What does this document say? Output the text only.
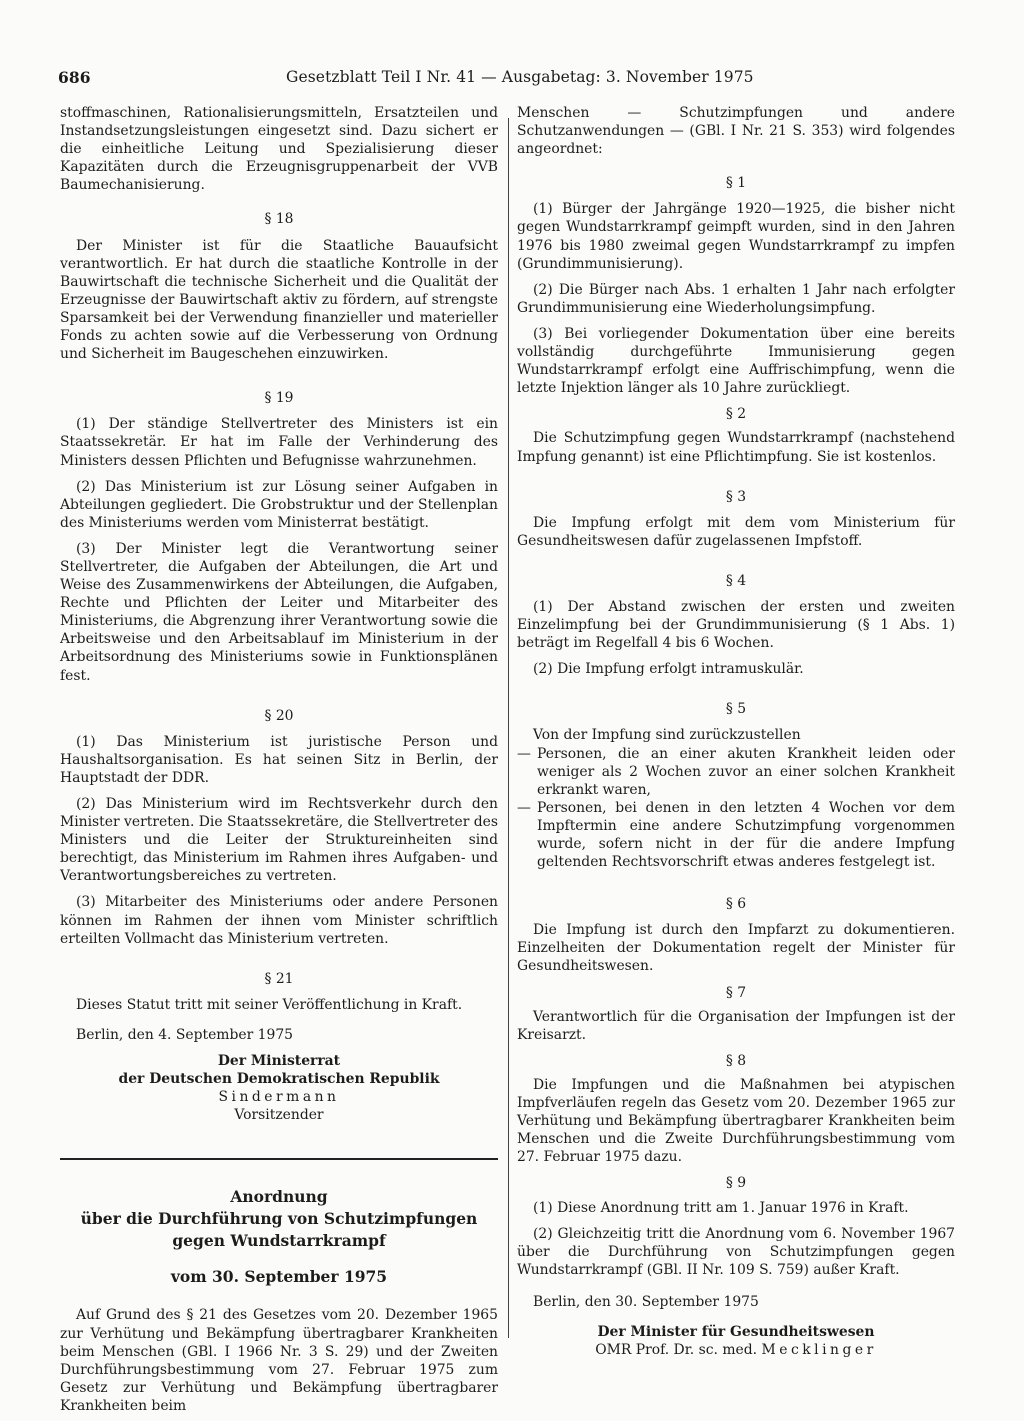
686	Gesetzblatt Teil I Nr. 41 — Ausgabetag: 3. November 1975

stoffmaschinen, Rationalisierungsmitteln, Ersatzteilen und Instandsetzungsleistungen eingesetzt sind. Dazu sichert er die einheitliche Leitung und Spezialisierung dieser Kapazitäten durch die Erzeugnisgruppenarbeit der VVB Baumechanisierung.

§ 18

Der Minister ist für die Staatliche Bauaufsicht verantwortlich. Er hat durch die staatliche Kontrolle in der Bauwirtschaft die technische Sicherheit und die Qualität der Erzeugnisse der Bauwirtschaft aktiv zu fördern, auf strengste Sparsamkeit bei der Verwendung finanzieller und materieller Fonds zu achten sowie auf die Verbesserung von Ordnung und Sicherheit im Baugeschehen einzuwirken.

§ 19

(1) Der ständige Stellvertreter des Ministers ist ein Staatssekretär. Er hat im Falle der Verhinderung des Ministers dessen Pflichten und Befugnisse wahrzunehmen.

(2) Das Ministerium ist zur Lösung seiner Aufgaben in Abteilungen gegliedert. Die Grobstruktur und der Stellenplan des Ministeriums werden vom Ministerrat bestätigt.

(3) Der Minister legt die Verantwortung seiner Stellvertreter, die Aufgaben der Abteilungen, die Art und Weise des Zusammenwirkens der Abteilungen, die Aufgaben, Rechte und Pflichten der Leiter und Mitarbeiter des Ministeriums, die Abgrenzung ihrer Verantwortung sowie die Arbeitsweise und den Arbeitsablauf im Ministerium in der Arbeitsordnung des Ministeriums sowie in Funktionsplänen fest.

§ 20

(1) Das Ministerium ist juristische Person und Haushaltsorganisation. Es hat seinen Sitz in Berlin, der Hauptstadt der DDR.

(2) Das Ministerium wird im Rechtsverkehr durch den Minister vertreten. Die Staatssekretäre, die Stellvertreter des Ministers und die Leiter der Struktureinheiten sind berechtigt, das Ministerium im Rahmen ihres Aufgaben- und Verantwortungsbereiches zu vertreten.

(3) Mitarbeiter des Ministeriums oder andere Personen können im Rahmen der ihnen vom Minister schriftlich erteilten Vollmacht das Ministerium vertreten.

§ 21

Dieses Statut tritt mit seiner Veröffentlichung in Kraft.

Berlin, den 4. September 1975

Der Ministerrat
der Deutschen Demokratischen Republik
Sindermann
Vorsitzender
Anordnung
über die Durchführung von Schutzimpfungen
gegen Wundstarrkrampf
vom 30. September 1975

Auf Grund des § 21 des Gesetzes vom 20. Dezember 1965 zur Verhütung und Bekämpfung übertragbarer Krankheiten beim Menschen (GBl. I 1966 Nr. 3 S. 29) und der Zweiten Durchführungsbestimmung vom 27. Februar 1975 zum Gesetz zur Verhütung und Bekämpfung übertragbarer Krankheiten beim

Menschen — Schutzimpfungen und andere Schutzanwendungen — (GBl. I Nr. 21 S. 353) wird folgendes angeordnet:

§ 1

(1) Bürger der Jahrgänge 1920—1925, die bisher nicht gegen Wundstarrkrampf geimpft wurden, sind in den Jahren 1976 bis 1980 zweimal gegen Wundstarrkrampf zu impfen (Grundimmunisierung).

(2) Die Bürger nach Abs. 1 erhalten 1 Jahr nach erfolgter Grundimmunisierung eine Wiederholungsimpfung.

(3) Bei vorliegender Dokumentation über eine bereits vollständig durchgeführte Immunisierung gegen Wundstarrkrampf erfolgt eine Auffrischimpfung, wenn die letzte Injektion länger als 10 Jahre zurückliegt.

§ 2

Die Schutzimpfung gegen Wundstarrkrampf (nachstehend Impfung genannt) ist eine Pflichtimpfung. Sie ist kostenlos.

§ 3

Die Impfung erfolgt mit dem vom Ministerium für Gesundheitswesen dafür zugelassenen Impfstoff.

§ 4

(1) Der Abstand zwischen der ersten und zweiten Einzelimpfung bei der Grundimmunisierung (§ 1 Abs. 1) beträgt im Regelfall 4 bis 6 Wochen.

(2) Die Impfung erfolgt intramuskulär.

§ 5

Von der Impfung sind zurückzustellen

— Personen, die an einer akuten Krankheit leiden oder weniger als 2 Wochen zuvor an einer solchen Krankheit erkrankt waren,

— Personen, bei denen in den letzten 4 Wochen vor dem Impftermin eine andere Schutzimpfung vorgenommen wurde, sofern nicht in der für die andere Impfung geltenden Rechtsvorschrift etwas anderes festgelegt ist.

§ 6

Die Impfung ist durch den Impfarzt zu dokumentieren. Einzelheiten der Dokumentation regelt der Minister für Gesundheitswesen.

§ 7

Verantwortlich für die Organisation der Impfungen ist der Kreisarzt.

§ 8

Die Impfungen und die Maßnahmen bei atypischen Impfverläufen regeln das Gesetz vom 20. Dezember 1965 zur Verhütung und Bekämpfung übertragbarer Krankheiten beim Menschen und die Zweite Durchführungsbestimmung vom 27. Februar 1975 dazu.

§ 9

(1) Diese Anordnung tritt am 1. Januar 1976 in Kraft.

(2) Gleichzeitig tritt die Anordnung vom 6. November 1967 über die Durchführung von Schutzimpfungen gegen Wundstarrkrampf (GBl. II Nr. 109 S. 759) außer Kraft.

Berlin, den 30. September 1975

Der Minister für Gesundheitswesen
OMR Prof. Dr. sc. med. Mecklinger
